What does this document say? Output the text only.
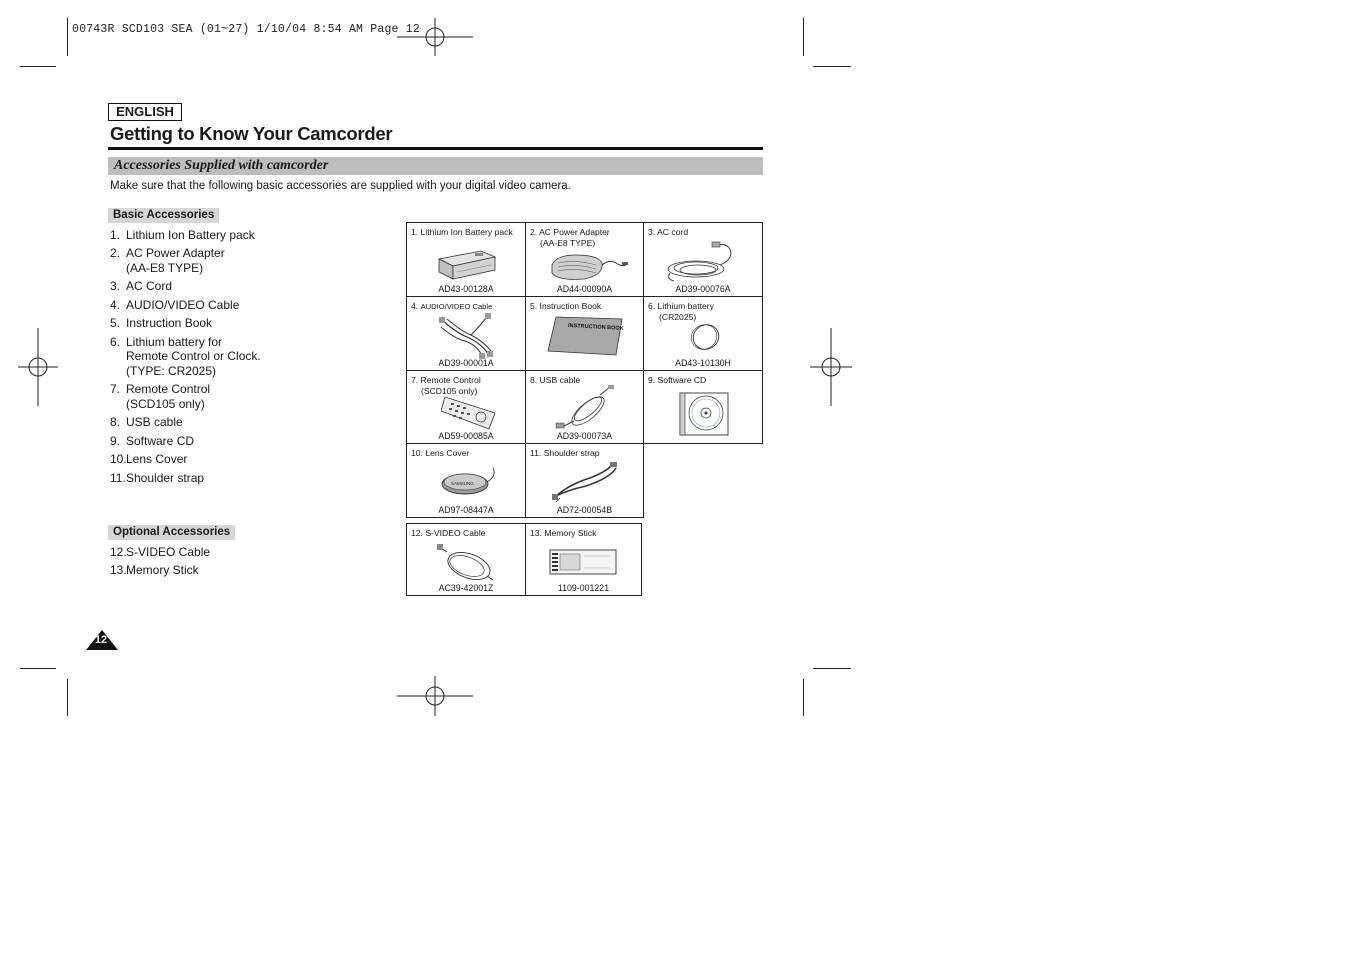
00743R SCD103 SEA (01~27) 1/10/04 8:54 AM Page 12
ENGLISH
Getting to Know Your Camcorder
Accessories Supplied with camcorder
Make sure that the following basic accessories are supplied with your digital video camera.
Basic Accessories
1. Lithium Ion Battery pack
2. AC Power Adapter
(AA-E8 TYPE)
3. AC Cord
4. AUDIO/VIDEO Cable
5. Instruction Book
6. Lithium battery for
Remote Control or Clock.
(TYPE: CR2025)
7. Remote Control
(SCD105 only)
8. USB cable
9. Software CD
10. Lens Cover
11. Shoulder strap
Optional Accessories
12. S-VIDEO Cable
13. Memory Stick
1. Lithium Ion Battery pack
AD43-00128A
2. AC Power Adapter
(AA-E8 TYPE)
AD44-00090A
3. AC cord
AD39-00076A
4. AUDIO/VIDEO Cable
AD39-00001A
5. Instruction Book
INSTRUCTION BOOK
6. Lithium battery
(CR2025)
AD43-10130H
7. Remote Control
(SCD105 only)
AD59-00085A
8. USB cable
AD39-00073A
9. Software CD
10. Lens Cover
SAMSUNG
AD97-08447A
11. Shoulder strap
AD72-00054B
12. S-VIDEO Cable
AC39-42001Z
13. Memory Stick
1109-001221
12
